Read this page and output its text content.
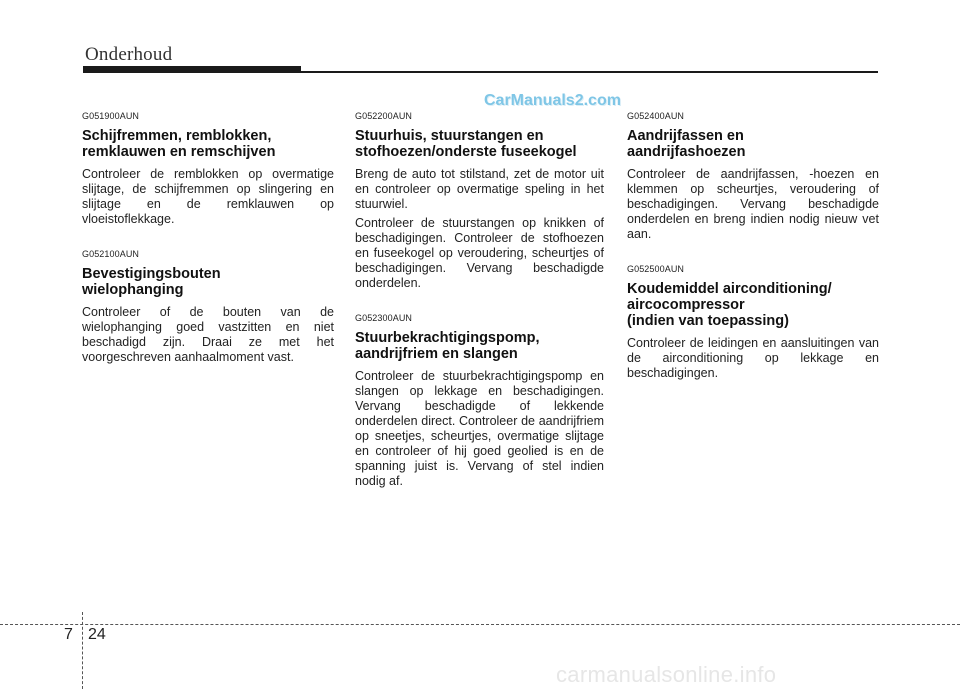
Onderhoud
CarManuals2.com
G051900AUN
Schijfremmen, remblokken,
remklauwen en remschijven

Controleer de remblokken op overmatige slijtage, de schijfremmen op slingering en slijtage en de remklauwen op vloeistoflekkage.

G052100AUN
Bevestigingsbouten
wielophanging

Controleer of de bouten van de wielophanging goed vastzitten en niet beschadigd zijn. Draai ze met het voorgeschreven aanhaalmoment vast.

G052200AUN
Stuurhuis, stuurstangen en
stofhoezen/onderste fuseekogel

Breng de auto tot stilstand, zet de motor uit en controleer op overmatige speling in het stuurwiel.

Controleer de stuurstangen op knikken of beschadigingen. Controleer de stofhoezen en fuseekogel op veroudering, scheurtjes of beschadigingen. Vervang beschadigde onderdelen.

G052300AUN
Stuurbekrachtigingspomp,
aandrijfriem en slangen

Controleer de stuurbekrachtigingspomp en slangen op lekkage en beschadigingen. Vervang beschadigde of lekkende onderdelen direct. Controleer de aandrijfriem op sneetjes, scheurtjes, overmatige slijtage en controleer of hij goed geolied is en de spanning juist is. Vervang of stel indien nodig af.

G052400AUN
Aandrijfassen en
aandrijfashoezen

Controleer de aandrijfassen, -hoezen en klemmen op scheurtjes, veroudering of beschadigingen. Vervang beschadigde onderdelen en breng indien nodig nieuw vet aan.

G052500AUN
Koudemiddel airconditioning/
aircocompressor
(indien van toepassing)

Controleer de leidingen en aansluitingen van de airconditioning op lekkage en beschadigingen.

7 24
carmanualsonline.info
